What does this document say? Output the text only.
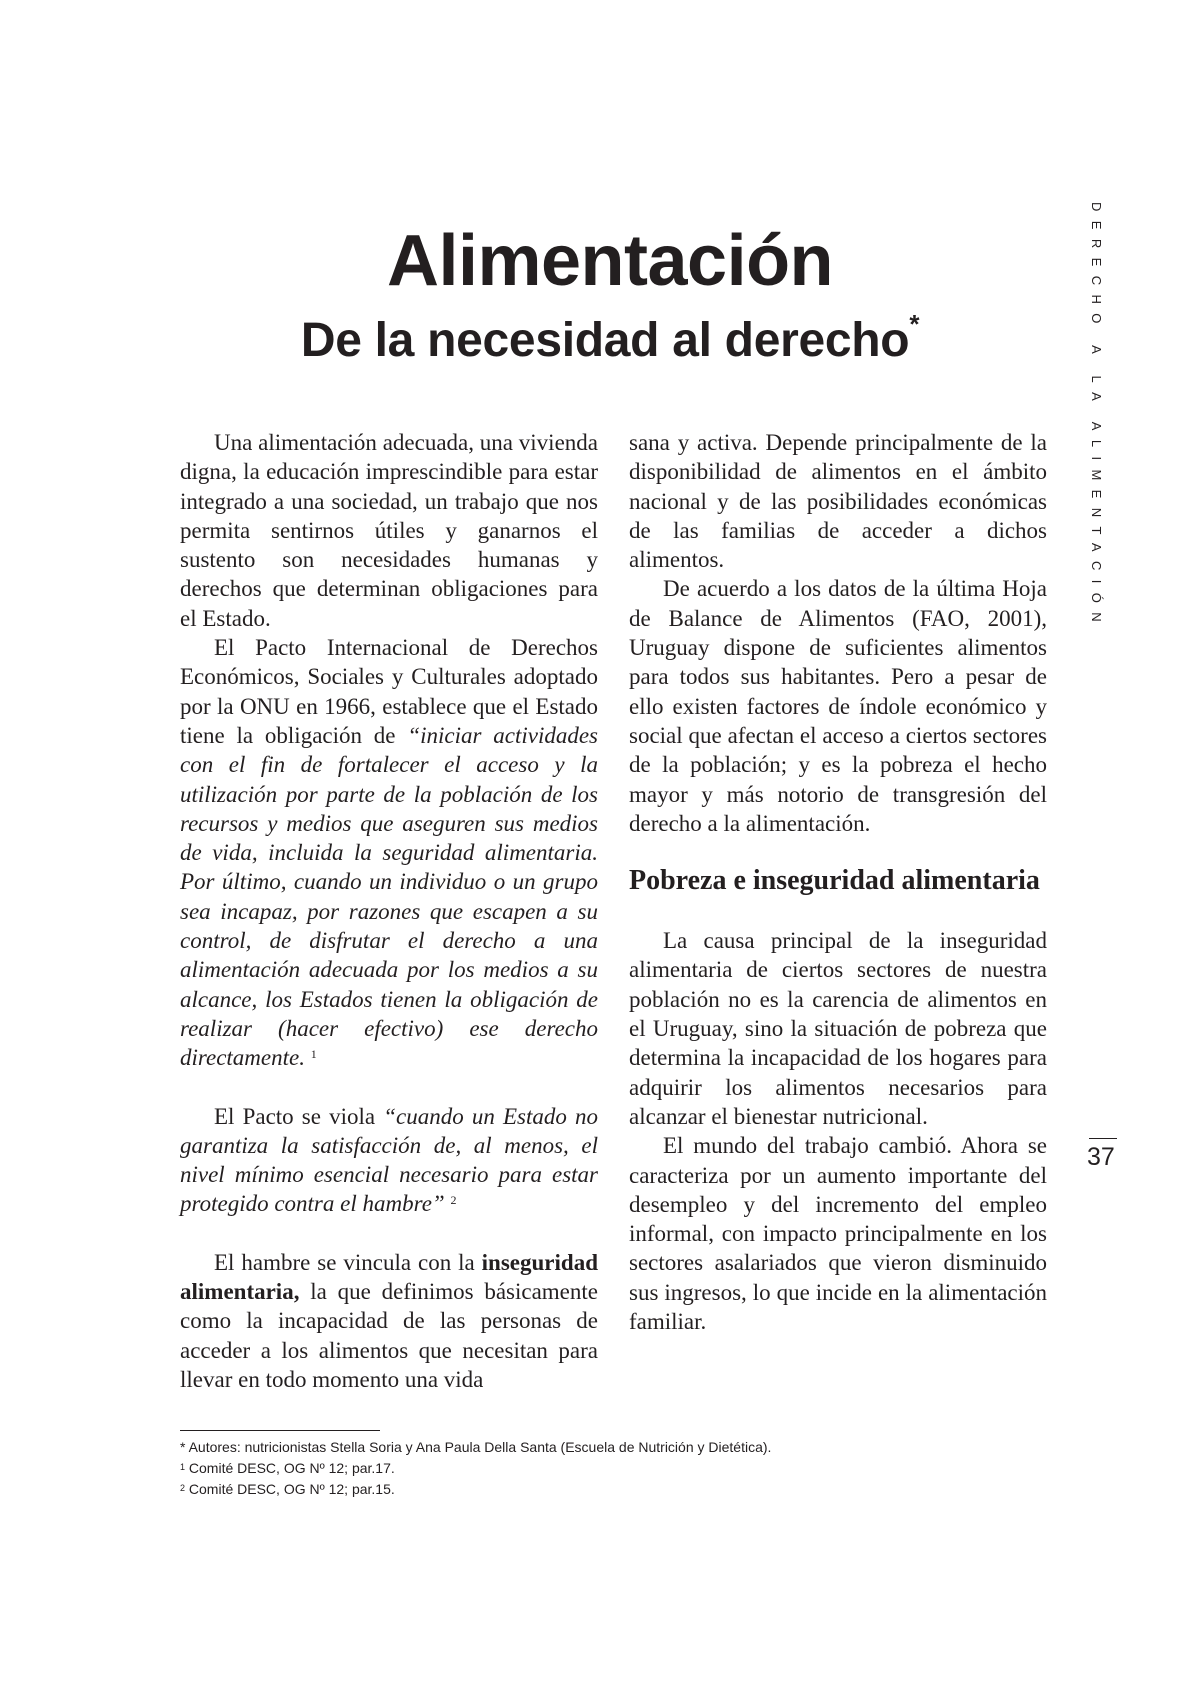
Alimentación
De la necesidad al derecho*	DERECHO A LA ALIMENTACIÓN
37

Una alimentación adecuada, una vivienda digna, la educación imprescindible para estar integrado a una sociedad, un trabajo que nos permita sentirnos útiles y ganarnos el sustento son necesidades humanas y derechos que determinan obligaciones para el Estado.

El Pacto Internacional de Derechos Económicos, Sociales y Culturales adoptado por la ONU en 1966, establece que el Estado tiene la obligación de “iniciar actividades con el fin de fortalecer el acceso y la utilización por parte de la población de los recursos y medios que aseguren sus medios de vida, incluida la seguridad alimentaria. Por último, cuando un individuo o un grupo sea incapaz, por razones que escapen a su control, de disfrutar el derecho a una alimentación adecuada por los medios a su alcance, los Estados tienen la obligación de realizar (hacer efectivo) ese derecho directamente. $^1$

El Pacto se viola “cuando un Estado no garantiza la satisfacción de, al menos, el nivel mínimo esencial necesario para estar protegido contra el hambre” $^2$

El hambre se vincula con la inseguridad alimentaria, la que definimos básicamente como la incapacidad de las personas de acceder a los alimentos que necesitan para llevar en todo momento una vida

sana y activa. Depende principalmente de la disponibilidad de alimentos en el ámbito nacional y de las posibilidades económicas de las familias de acceder a dichos alimentos.

De acuerdo a los datos de la última Hoja de Balance de Alimentos (FAO, 2001), Uruguay dispone de suficientes alimentos para todos sus habitantes. Pero a pesar de ello existen factores de índole económico y social que afectan el acceso a ciertos sectores de la población; y es la pobreza el hecho mayor y más notorio de transgresión del derecho a la alimentación.

Pobreza e inseguridad alimentaria

La causa principal de la inseguridad alimentaria de ciertos sectores de nuestra población no es la carencia de alimentos en el Uruguay, sino la situación de pobreza que determina la incapacidad de los hogares para adquirir los alimentos necesarios para alcanzar el bienestar nutricional.

El mundo del trabajo cambió. Ahora se caracteriza por un aumento importante del desempleo y del incremento del empleo informal, con impacto principalmente en los sectores asalariados que vieron disminuido sus ingresos, lo que incide en la alimentación familiar.

* Autores: nutricionistas Stella Soria y Ana Paula Della Santa (Escuela de Nutrición y Dietética).
$^1$ Comité DESC, OG Nº 12; par.17.
$^2$ Comité DESC, OG Nº 12; par.15.
